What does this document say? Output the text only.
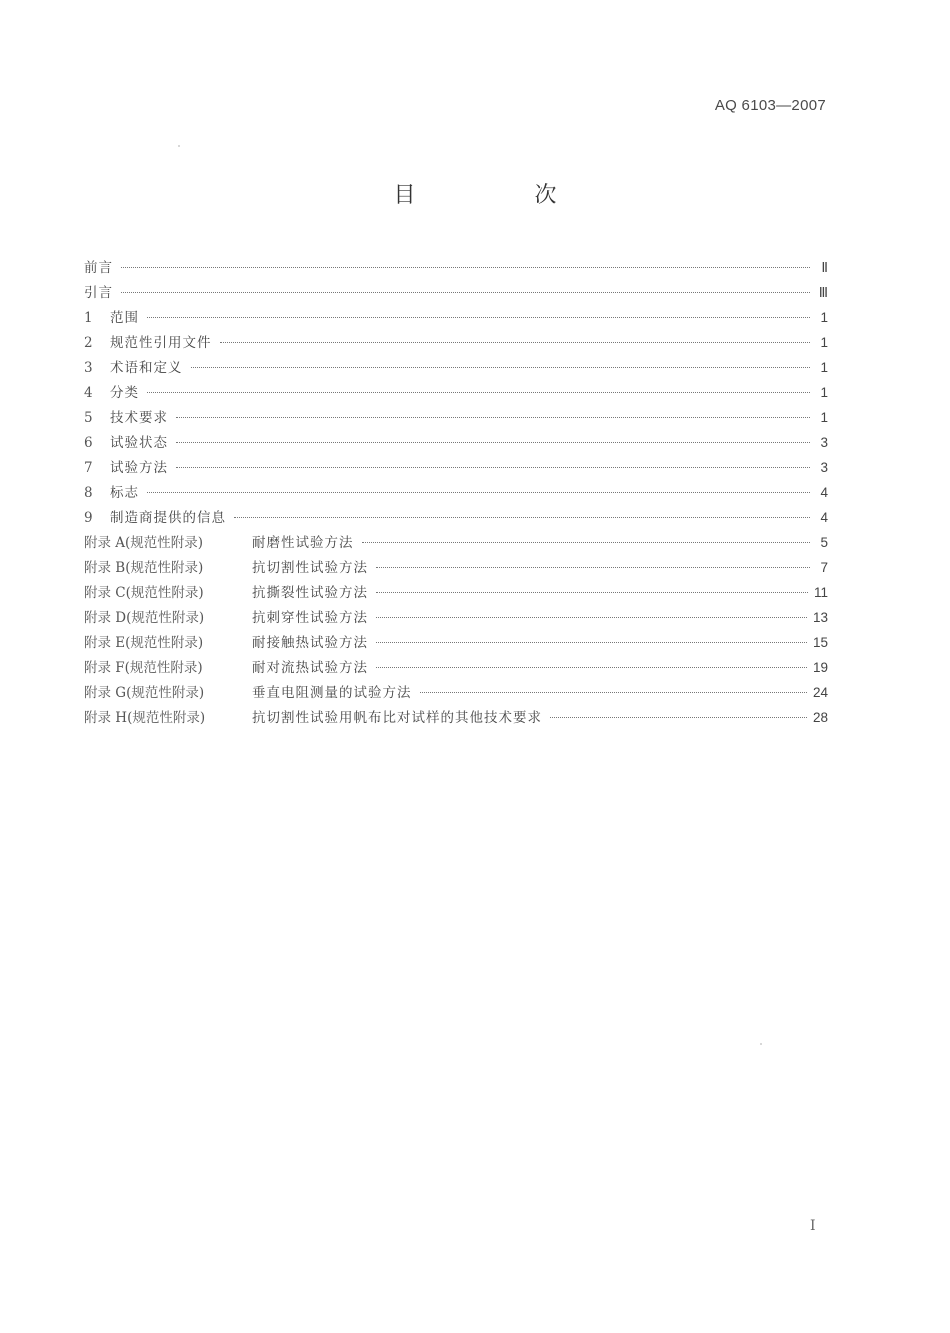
AQ 6103—2007
目 次
前言	Ⅱ
引言	Ⅲ
1	范围	1
2	规范性引用文件	1
3	术语和定义	1
4	分类	1
5	技术要求	1
6	试验状态	3
7	试验方法	3
8	标志	4
9	制造商提供的信息	4
附录 A(规范性附录)	耐磨性试验方法	5
附录 B(规范性附录)	抗切割性试验方法	7
附录 C(规范性附录)	抗撕裂性试验方法	11
附录 D(规范性附录)	抗刺穿性试验方法	13
附录 E(规范性附录)	耐接触热试验方法	15
附录 F(规范性附录)	耐对流热试验方法	19
附录 G(规范性附录)	垂直电阻测量的试验方法	24
附录 H(规范性附录)	抗切割性试验用帆布比对试样的其他技术要求	28
Ⅰ
